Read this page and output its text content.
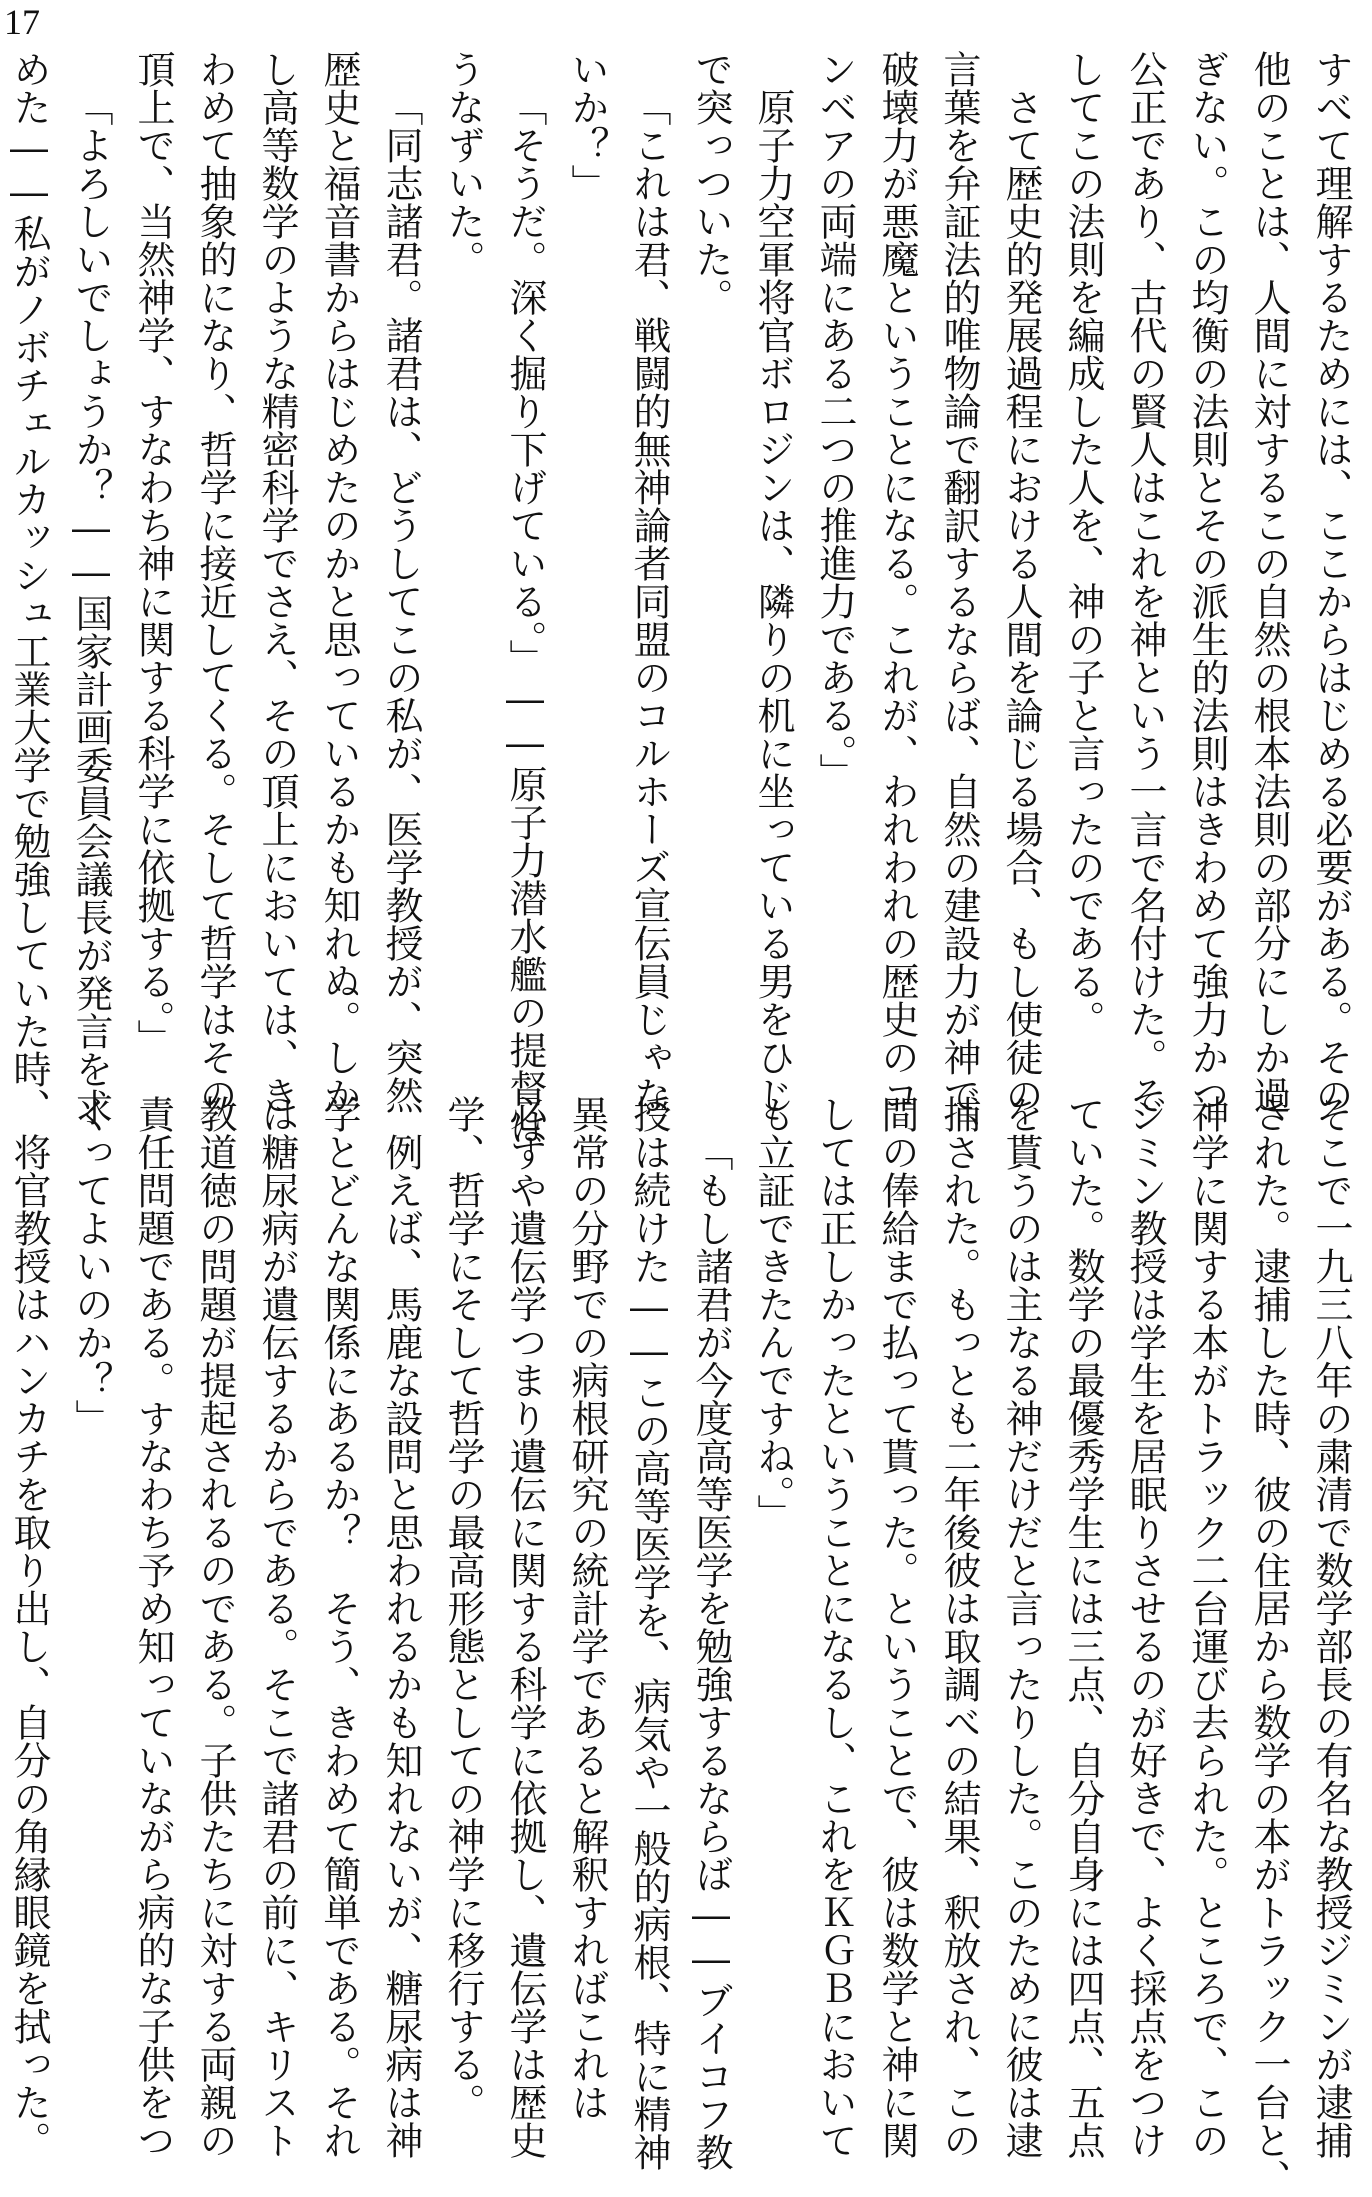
17
すべて理解するためには、ここからはじめる必要がある。その
他のことは、人間に対するこの自然の根本法則の部分にしか過
ぎない。この均衡の法則とその派生的法則はきわめて強力かつ
公正であり、古代の賢人はこれを神という一言で名付けた。そ
してこの法則を編成した人を、神の子と言ったのである。
さて歴史的発展過程における人間を論じる場合、もし使徒の
言葉を弁証法的唯物論で翻訳するならば、自然の建設力が神で、
破壊力が悪魔ということになる。これが、われわれの歴史のコ
ンベアの両端にある二つの推進力である。」
原子力空軍将官ボロジンは、隣りの机に坐っている男をひじ
で突っついた。
「これは君、戦闘的無神論者同盟のコルホーズ宣伝員じゃな
いか？」
「そうだ。深く掘り下げている。」――原子力潜水艦の提督は
うなずいた。
「同志諸君。諸君は、どうしてこの私が、医学教授が、突然
歴史と福音書からはじめたのかと思っているかも知れぬ。しか
し高等数学のような精密科学でさえ、その頂上においては、き
わめて抽象的になり、哲学に接近してくる。そして哲学はその
頂上で、当然神学、すなわち神に関する科学に依拠する。」
「よろしいでしょうか？――国家計画委員会議長が発言を求
めた――私がノボチェルカッシュ工業大学で勉強していた時、
そこで一九三八年の粛清で数学部長の有名な教授ジミンが逮捕
された。逮捕した時、彼の住居から数学の本がトラック一台と、
神学に関する本がトラック二台運び去られた。ところで、この
ジミン教授は学生を居眠りさせるのが好きで、よく採点をつけ
ていた。数学の最優秀学生には三点、自分自身には四点、五点
を貰うのは主なる神だけだと言ったりした。このために彼は逮
捕された。もっとも二年後彼は取調べの結果、釈放され、この
間の俸給まで払って貰った。ということで、彼は数学と神に関
しては正しかったということになるし、これをＫＧＢにおいて
も立証できたんですね。」
「もし諸君が今度高等医学を勉強するならば――ブイコフ教
授は続けた――この高等医学を、病気や一般的病根、特に精神
異常の分野での病根研究の統計学であると解釈すればこれは
必ずや遺伝学つまり遺伝に関する科学に依拠し、遺伝学は歴史
学、哲学にそして哲学の最高形態としての神学に移行する。
例えば、馬鹿な設問と思われるかも知れないが、糖尿病は神
学とどんな関係にあるか？　そう、きわめて簡単である。それ
は糖尿病が遺伝するからである。そこで諸君の前に、キリスト
教道徳の問題が提起されるのである。子供たちに対する両親の
責任問題である。すなわち予め知っていながら病的な子供をつ
くってよいのか？」
将官教授はハンカチを取り出し、自分の角縁眼鏡を拭った。
